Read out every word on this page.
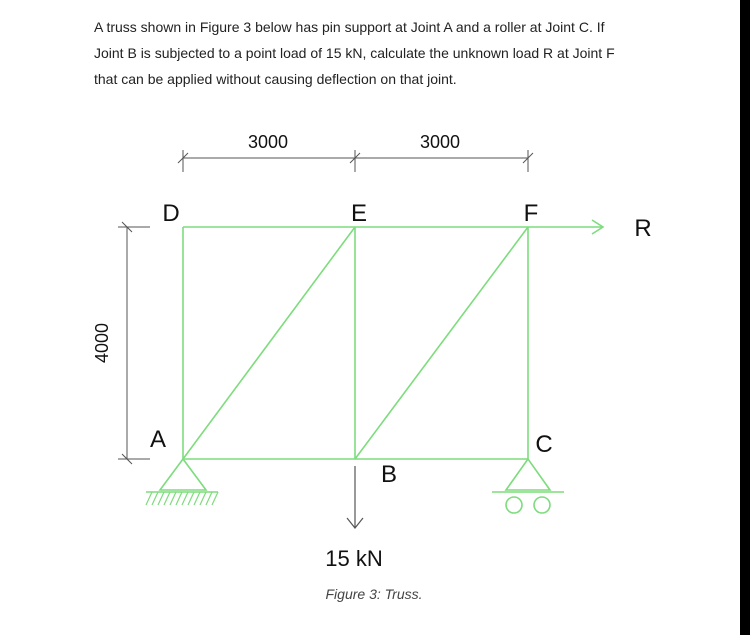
A truss shown in Figure 3 below has pin support at Joint A and a roller at Joint C. If
Joint B is subjected to a point load of 15 kN, calculate the unknown load R at Joint F
that can be applied without causing deflection on that joint.
3000	3000
4000
R
15 kN
D	E	F
A
B
C
Figure 3: Truss.
